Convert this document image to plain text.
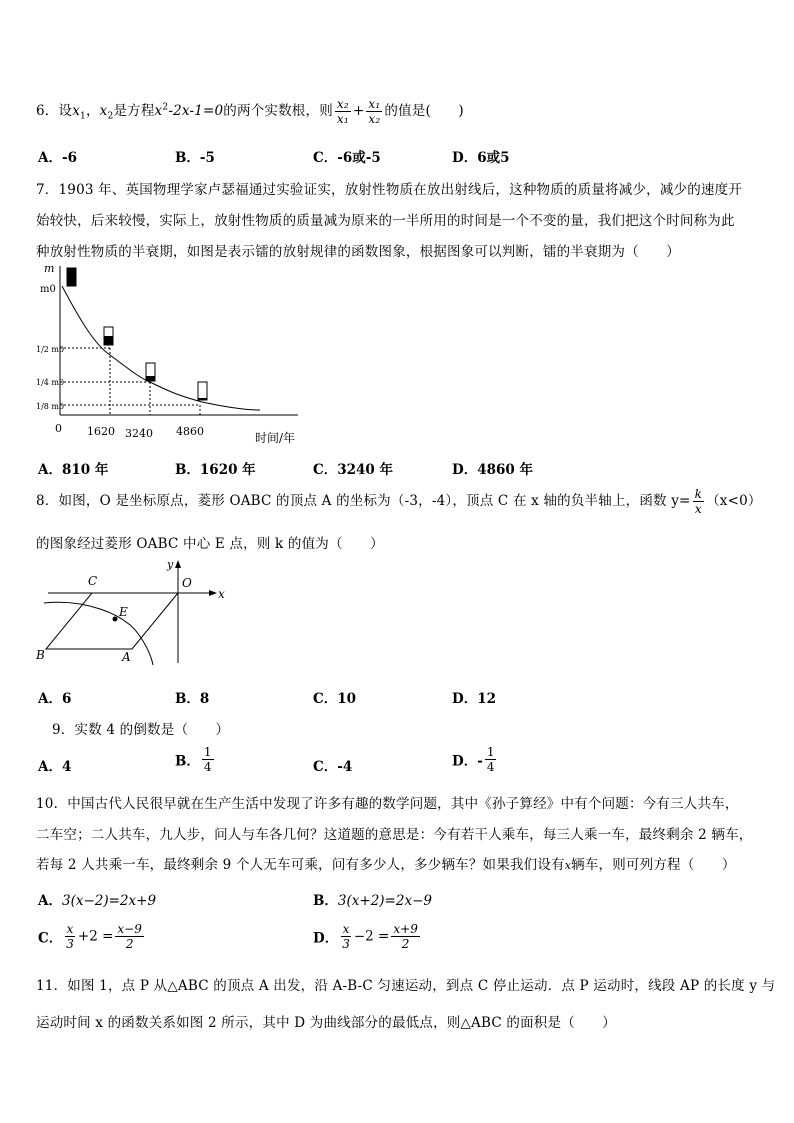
6．设$x_1$，$x_2$是方程$x^2-2x-1=0$的两个实数根，则 $\frac{\text{x₂}}{\text{x₁}} + \frac{\text{x₁}}{\text{x₂}}$ 的值是(　　)
A．-6	B．-5	C．-6或-5	D．6或5
7．1903 年、英国物理学家卢瑟福通过实验证实，放射性物质在放出射线后，这种物质的质量将减少，减少的速度开
始较快，后来较慢，实际上，放射性物质的质量减为原来的一半所用的时间是一个不变的量，我们把这个时间称为此
种放射性物质的半衰期，如图是表示镭的放射规律的函数图象，根据图象可以判断，镭的半衰期为（　　）
m
m0
1/2 m0
1/4 m0
1/8 m0
0 1620 3240 4860	时间/年
A．810 年	B．1620 年	C．3240 年	D．4860 年
8．如图，O 是坐标原点，菱形 OABC 的顶点 A 的坐标为（-3，-4），顶点 C 在 x 轴的负半轴上，函数 $y= \frac{k}{x} (x<0)$
的图象经过菱形 OABC 中心 E 点，则 k 的值为（　　）
C	O
y
x
E
B	A
A．6	B．8	C．10	D．12
9．实数 4 的倒数是（　　）
A．4	B． $\frac{1}{4}$	C．-4	D．- $\frac{1}{4}$
10．中国古代人民很早就在生产生活中发现了许多有趣的数学问题，其中《孙子算经》中有个问题：今有三人共车，
二车空；二人共车，九人步，问人与车各几何？这道题的意思是：今有若干人乘车，每三人乘一车，最终剩余 2 辆车，
若每 2 人共乘一车，最终剩余 9 个人无车可乘，问有多少人，多少辆车？如果我们设有x辆车，则可列方程（　　）
A．3(x−2)=2x+9	B．3(x+2)=2x−9
C． $\frac{x}{3} +2 = \frac{x-9}{2}$	D． $\frac{x}{3} -2 = \frac{x+9}{2}$
11．如图 1，点 P 从△ABC 的顶点 A 出发，沿 A-B-C 匀速运动，到点 C 停止运动．点 P 运动时，线段 AP 的长度 y 与
运动时间 x 的函数关系如图 2 所示，其中 D 为曲线部分的最低点，则△ABC 的面积是（　　）
